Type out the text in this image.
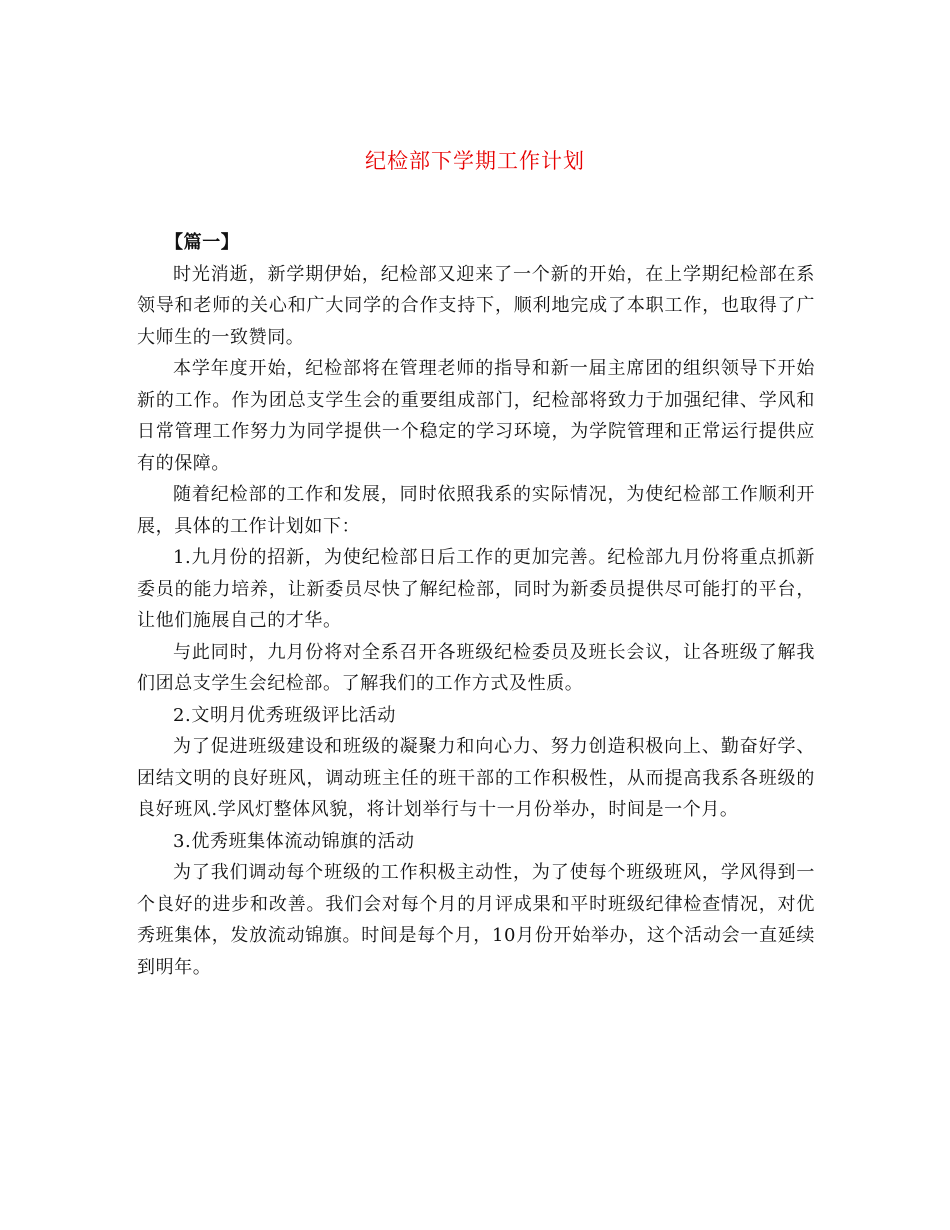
纪检部下学期工作计划

【篇一】

时光消逝，新学期伊始，纪检部又迎来了一个新的开始，在上学期纪检部在系领导和老师的关心和广大同学的合作支持下，顺利地完成了本职工作，也取得了广大师生的一致赞同。

本学年度开始，纪检部将在管理老师的指导和新一届主席团的组织领导下开始新的工作。作为团总支学生会的重要组成部门，纪检部将致力于加强纪律、学风和日常管理工作努力为同学提供一个稳定的学习环境，为学院管理和正常运行提供应有的保障。

随着纪检部的工作和发展，同时依照我系的实际情况，为使纪检部工作顺利开展，具体的工作计划如下：

1.九月份的招新，为使纪检部日后工作的更加完善。纪检部九月份将重点抓新委员的能力培养，让新委员尽快了解纪检部，同时为新委员提供尽可能打的平台，让他们施展自己的才华。

与此同时，九月份将对全系召开各班级纪检委员及班长会议，让各班级了解我们团总支学生会纪检部。了解我们的工作方式及性质。

2.文明月优秀班级评比活动

为了促进班级建设和班级的凝聚力和向心力、努力创造积极向上、勤奋好学、团结文明的良好班风，调动班主任的班干部的工作积极性，从而提高我系各班级的良好班风.学风灯整体风貌，将计划举行与十一月份举办，时间是一个月。

3.优秀班集体流动锦旗的活动

为了我们调动每个班级的工作积极主动性，为了使每个班级班风，学风得到一个良好的进步和改善。我们会对每个月的月评成果和平时班级纪律检查情况，对优秀班集体，发放流动锦旗。时间是每个月，10月份开始举办，这个活动会一直延续到明年。
